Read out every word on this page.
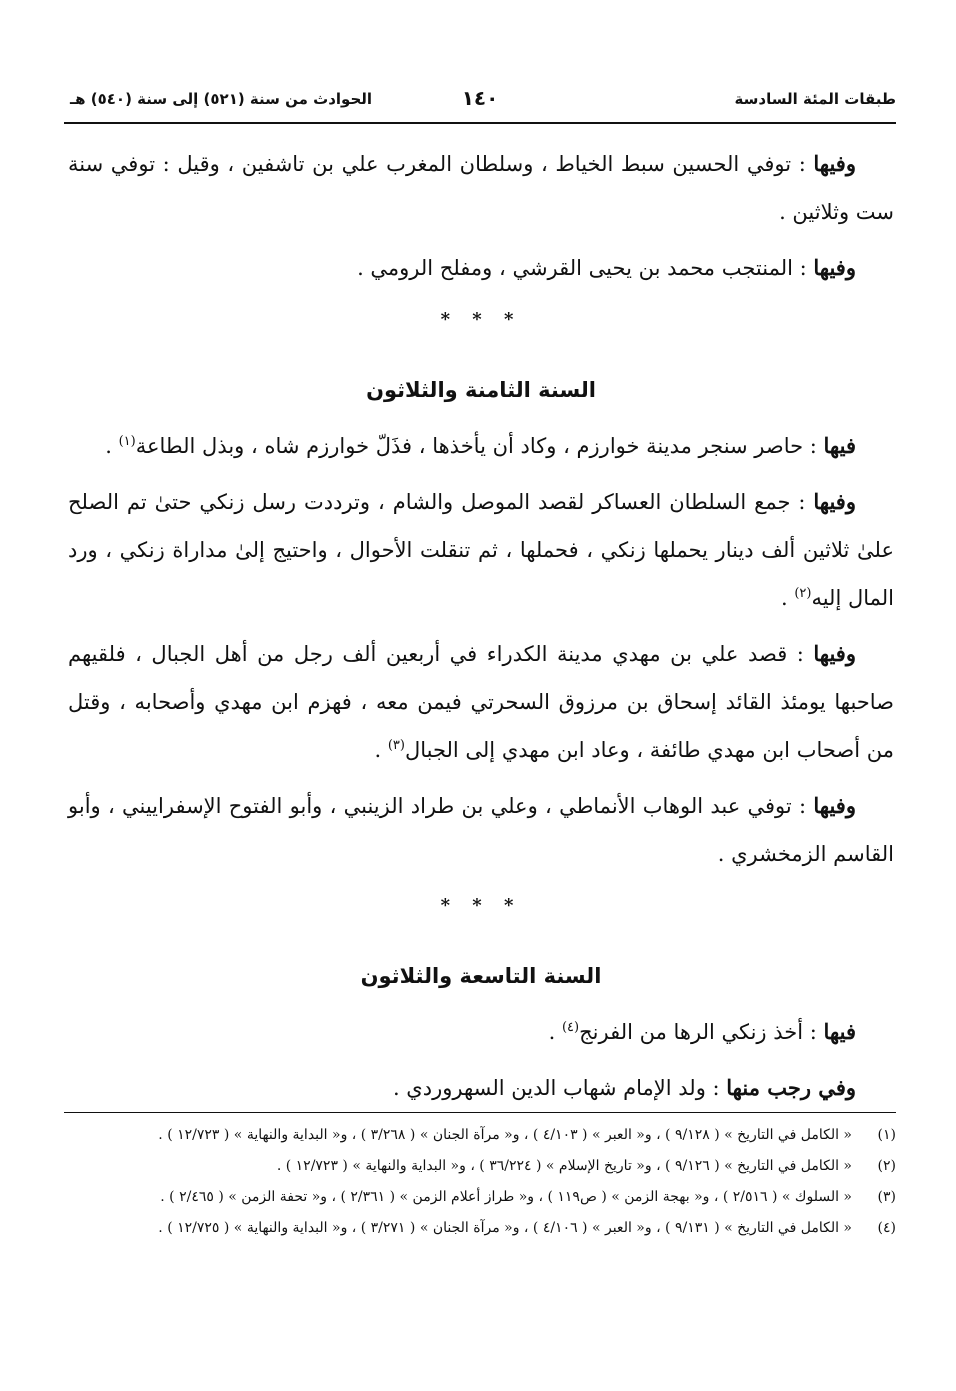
طبقات المئة السادسة
١٤٠
الحوادث من سنة (٥٢١) إلى سنة (٥٤٠) هـ

وفيها : توفي الحسين سبط الخياط ، وسلطان المغرب علي بن تاشفين ، وقيل : توفي سنة ست وثلاثين .

وفيها : المنتجب محمد بن يحيى القرشي ، ومفلح الرومي .

* * *
السنة الثامنة والثلاثون

فيها : حاصر سنجر مدينة خوارزم ، وكاد أن يأخذها ، فذَلّ خوارزم شاه ، وبذل الطاعة$^{(١)}$ .

وفيها : جمع السلطان العساكر لقصد الموصل والشام ، وترددت رسل زنكي حتىٰ تم الصلح علىٰ ثلاثين ألف دينار يحملها زنكي ، فحملها ، ثم تنقلت الأحوال ، واحتيج إلىٰ مداراة زنكي ، ورد المال إليه$^{(٢)}$ .

وفيها : قصد علي بن مهدي مدينة الكدراء في أربعين ألف رجل من أهل الجبال ، فلقيهم صاحبها يومئذ القائد إسحاق بن مرزوق السحرتي فيمن معه ، فهزم ابن مهدي وأصحابه ، وقتل من أصحاب ابن مهدي طائفة ، وعاد ابن مهدي إلى الجبال$^{(٣)}$ .

وفيها : توفي عبد الوهاب الأنماطي ، وعلي بن طراد الزينبي ، وأبو الفتوح الإسفراييني ، وأبو القاسم الزمخشري .

* * *
السنة التاسعة والثلاثون

فيها : أخذ زنكي الرها من الفرنج$^{(٤)}$ .

وفي رجب منها : ولد الإمام شهاب الدين السهروردي .

(١)
« الكامل في التاريخ » ( ٩/١٢٨ ) ، و« العبر » ( ٤/١٠٣ ) ، و« مرآة الجنان » ( ٣/٢٦٨ ) ، و« البداية والنهاية » ( ١٢/٧٢٣ ) .
(٢)
« الكامل في التاريخ » ( ٩/١٢٦ ) ، و« تاريخ الإسلام » ( ٣٦/٢٢٤ ) ، و« البداية والنهاية » ( ١٢/٧٢٣ ) .
(٣)
« السلوك » ( ٢/٥١٦ ) ، و« بهجة الزمن » ( ص١١٩ ) ، و« طراز أعلام الزمن » ( ٢/٣٦١ ) ، و« تحفة الزمن » ( ٢/٤٦٥ ) .
(٤)
« الكامل في التاريخ » ( ٩/١٣١ ) ، و« العبر » ( ٤/١٠٦ ) ، و« مرآة الجنان » ( ٣/٢٧١ ) ، و« البداية والنهاية » ( ١٢/٧٢٥ ) .
